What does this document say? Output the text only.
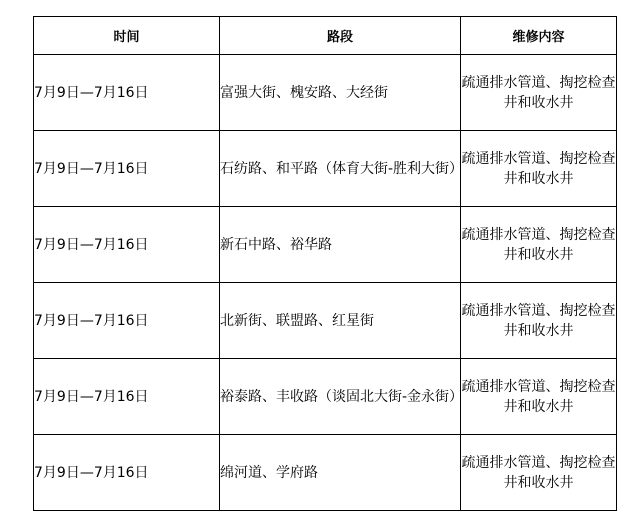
时间	路段	维修内容
7月9日—7月16日	富强大街、槐安路、大经街	疏通排水管道、掏挖检查井和收水井
7月9日—7月16日	石纺路、和平路（体育大街-胜利大街）	疏通排水管道、掏挖检查井和收水井
7月9日—7月16日	新石中路、裕华路	疏通排水管道、掏挖检查井和收水井
7月9日—7月16日	北新街、联盟路、红星街	疏通排水管道、掏挖检查井和收水井
7月9日—7月16日	裕泰路、丰收路（谈固北大街-金永街）	疏通排水管道、掏挖检查井和收水井
7月9日—7月16日	绵河道、学府路	疏通排水管道、掏挖检查井和收水井
